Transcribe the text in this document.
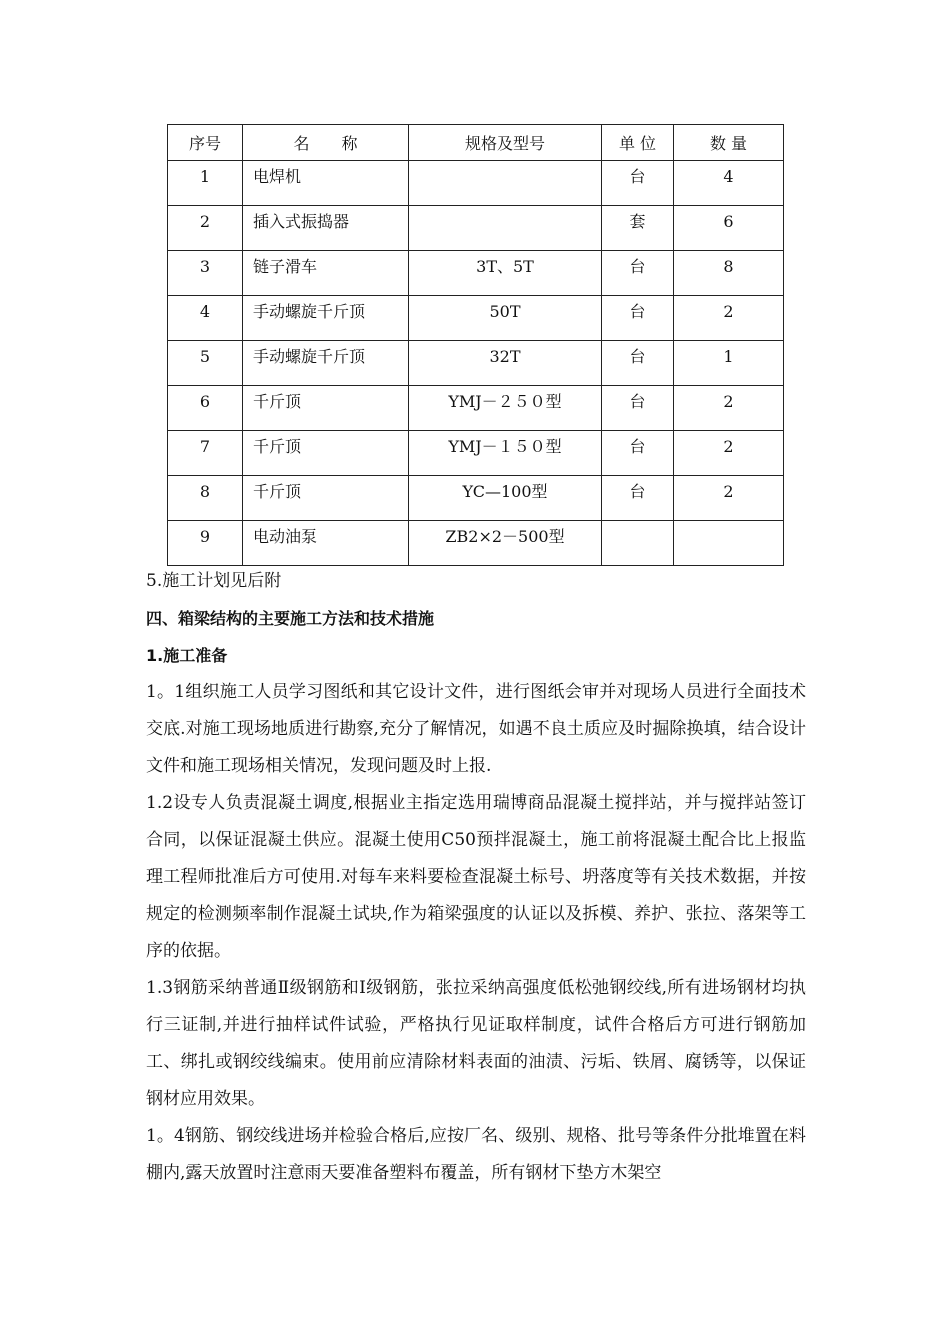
序号	名　　称	规格及型号	单 位	数 量

1	电焊机		台	4

2	插入式振捣器		套	6

3	链子滑车	3T、5T	台	8

4	手动螺旋千斤顶	50T	台	2

5	手动螺旋千斤顶	32T	台	1

6	千斤顶	YMJ－２５０型	台	2

7	千斤顶	YMJ－１５０型	台	2

8	千斤顶	YC—100型	台	2

9	电动油泵	ZB2×2－500型		

5.施工计划见后附

四、箱梁结构的主要施工方法和技术措施

1.施工准备

1。1组织施工人员学习图纸和其它设计文件，进行图纸会审并对现场人员进行全面技术交底.对施工现场地质进行勘察,充分了解情况，如遇不良土质应及时掘除换填，结合设计文件和施工现场相关情况，发现问题及时上报.

1.2设专人负责混凝土调度,根据业主指定选用瑞博商品混凝土搅拌站，并与搅拌站签订合同，以保证混凝土供应。混凝土使用C50预拌混凝土，施工前将混凝土配合比上报监理工程师批准后方可使用.对每车来料要检查混凝土标号、坍落度等有关技术数据，并按规定的检测频率制作混凝土试块,作为箱梁强度的认证以及拆模、养护、张拉、落架等工序的依据。

1.3钢筋采纳普通Ⅱ级钢筋和Ⅰ级钢筋，张拉采纳高强度低松弛钢绞线,所有进场钢材均执行三证制,并进行抽样试件试验，严格执行见证取样制度，试件合格后方可进行钢筋加工、绑扎或钢绞线编束。使用前应清除材料表面的油渍、污垢、铁屑、腐锈等，以保证钢材应用效果。

1。4钢筋、钢绞线进场并检验合格后,应按厂名、级别、规格、批号等条件分批堆置在料棚内,露天放置时注意雨天要准备塑料布覆盖，所有钢材下垫方木架空
